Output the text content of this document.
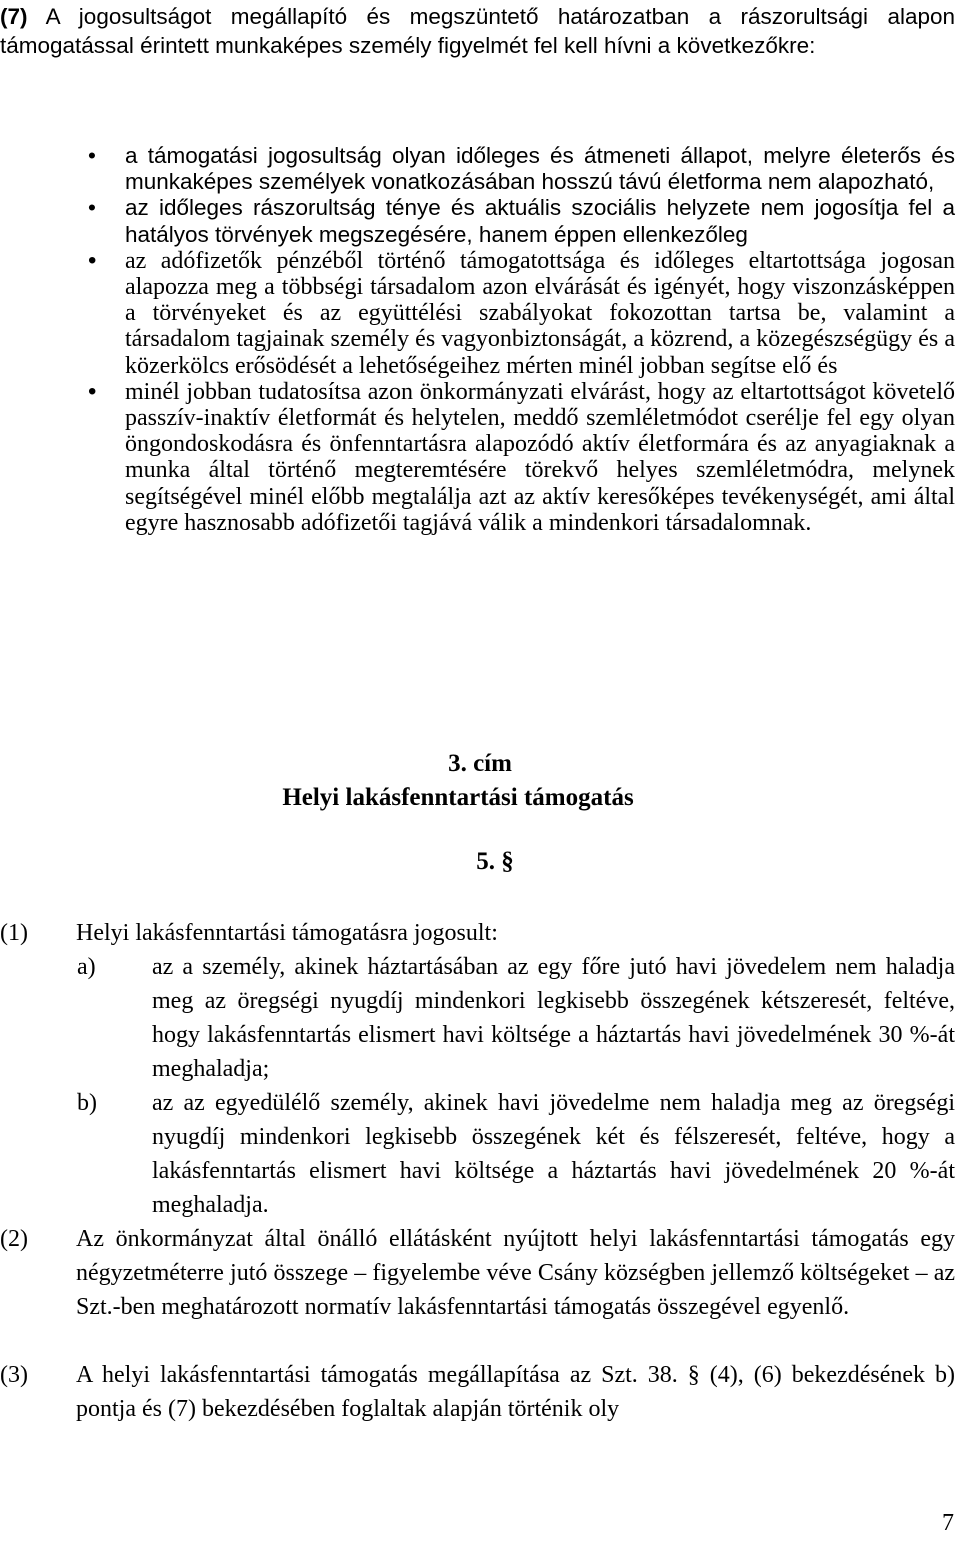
(7) A jogosultságot megállapító és megszüntető határozatban a rászorultsági alapon támogatással érintett munkaképes személy figyelmét fel kell hívni a következőkre:
• a támogatási jogosultság olyan időleges és átmeneti állapot, melyre életerős és munkaképes személyek vonatkozásában hosszú távú életforma nem alapozható,
• az időleges rászorultság ténye és aktuális szociális helyzete nem jogosítja fel a hatályos törvények megszegésére, hanem éppen ellenkezőleg
• az adófizetők pénzéből történő támogatottsága és időleges eltartottsága jogosan alapozza meg a többségi társadalom azon elvárását és igényét, hogy viszonzásképpen a törvényeket és az együttélési szabályokat fokozottan tartsa be, valamint a társadalom tagjainak személy és vagyonbiztonságát, a közrend, a közegészségügy és a közerkölcs erősödését a lehetőségeihez mérten minél jobban segítse elő és
• minél jobban tudatosítsa azon önkormányzati elvárást, hogy az eltartottságot követelő passzív-inaktív életformát és helytelen, meddő szemléletmódot cserélje fel egy olyan öngondoskodásra és önfenntartásra alapozódó aktív életformára és az anyagiaknak a munka által történő megteremtésére törekvő helyes szemléletmódra, melynek segítségével minél előbb megtalálja azt az aktív keresőképes tevékenységét, ami által egyre hasznosabb adófizetői tagjává válik a mindenkori társadalomnak.
3. cím
Helyi lakásfenntartási támogatás
5. §
(1) Helyi lakásfenntartási támogatásra jogosult:
a) az a személy, akinek háztartásában az egy főre jutó havi jövedelem nem haladja meg az öregségi nyugdíj mindenkori legkisebb összegének kétszeresét, feltéve, hogy lakásfenntartás elismert havi költsége a háztartás havi jövedelmének 30 %-át meghaladja;
b) az az egyedülélő személy, akinek havi jövedelme nem haladja meg az öregségi nyugdíj mindenkori legkisebb összegének két és félszeresét, feltéve, hogy a lakásfenntartás elismert havi költsége a háztartás havi jövedelmének 20 %-át meghaladja.
(2) Az önkormányzat által önálló ellátásként nyújtott helyi lakásfenntartási támogatás egy négyzetméterre jutó összege – figyelembe véve Csány községben jellemző költségeket – az Szt.-ben meghatározott normatív lakásfenntartási támogatás összegével egyenlő.
(3) A helyi lakásfenntartási támogatás megállapítása az Szt. 38. § (4), (6) bekezdésének b) pontja és (7) bekezdésében foglaltak alapján történik oly
7
